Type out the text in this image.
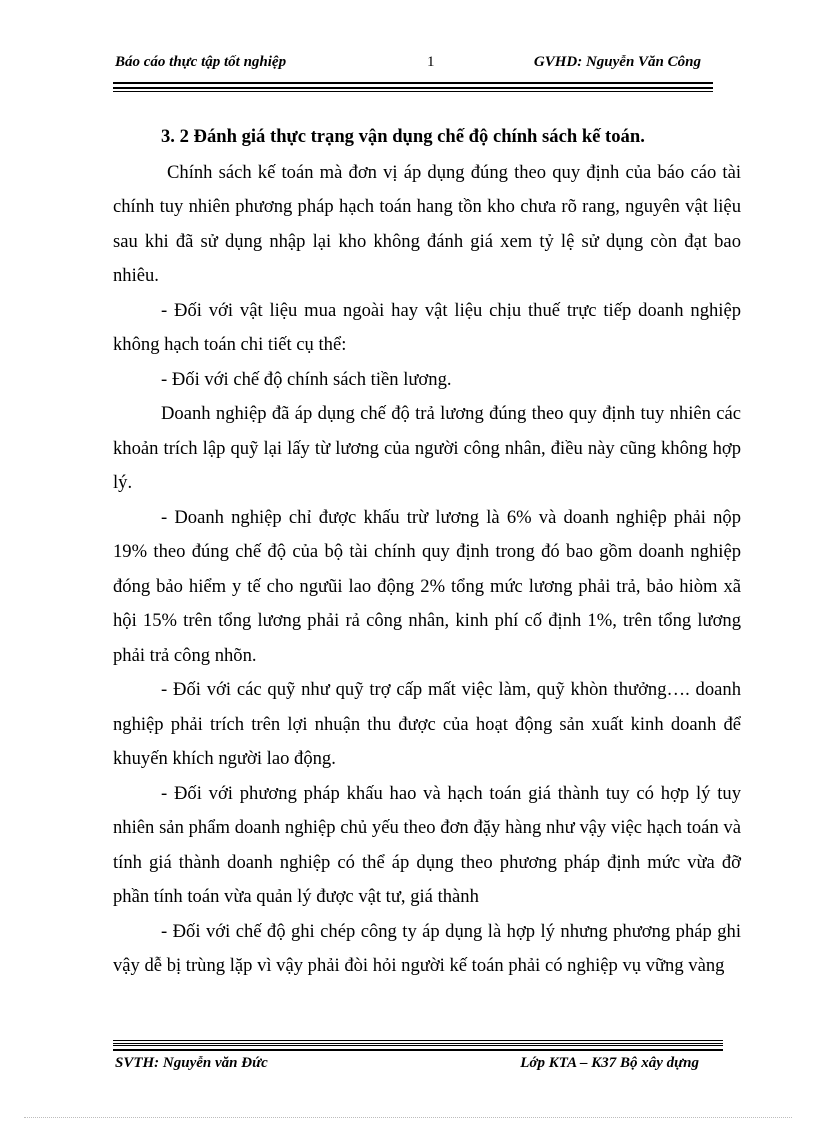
Báo cáo thực tập tốt nghiệp	1	GVHD: Nguyễn Văn Công

3. 2 Đánh giá thực trạng vận dụng chế độ chính sách kế toán.

Chính sách kế toán mà đơn vị áp dụng đúng theo quy định của báo cáo tài chính tuy nhiên phương pháp hạch toán hang tồn kho chưa rõ rang, nguyên vật liệu sau khi đã sử dụng nhập lại kho không đánh giá xem tỷ lệ sử dụng còn đạt bao nhiêu.

- Đối với vật liệu mua ngoài hay vật liệu chịu thuế trực tiếp doanh nghiệp không hạch toán chi tiết cụ thể:

- Đối với chế độ chính sách tiền lương.

Doanh nghiệp đã áp dụng chế độ trả lương đúng theo quy định tuy nhiên các khoản trích lập quỹ lại lấy từ lương của người công nhân, điều này cũng không hợp lý.

- Doanh nghiệp chỉ được khấu trừ lương là 6% và doanh nghiệp phải nộp 19% theo đúng chế độ của bộ tài chính quy định trong đó bao gồm doanh nghiệp đóng bảo hiểm y tế cho ngưũi lao động 2% tổng mức lương phải trả, bảo hiòm xã hội 15% trên tổng lương phải rả công nhân, kinh phí cố định 1%, trên tổng lương phải trả công nhõn.

- Đối với các quỹ như quỹ trợ cấp mất việc làm, quỹ khòn thưởng…. doanh nghiệp phải trích trên lợi nhuận thu được của hoạt động sản xuất kinh doanh để khuyến khích người lao động.

- Đối với phương pháp khấu hao và hạch toán giá thành tuy có hợp lý tuy nhiên sản phẩm doanh nghiệp chủ yếu theo đơn đặy hàng như vậy việc hạch toán và tính giá thành doanh nghiệp có thể áp dụng theo phương pháp định mức vừa đỡ phần tính toán vừa quản lý được vật tư, giá thành

- Đối với chế độ ghi chép công ty áp dụng là hợp lý nhưng phương pháp ghi vậy dễ bị trùng lặp vì vậy phải đòi hỏi người kế toán phải có nghiệp vụ vững vàng

SVTH: Nguyễn văn Đức	Lớp KTA – K37 Bộ xây dựng
